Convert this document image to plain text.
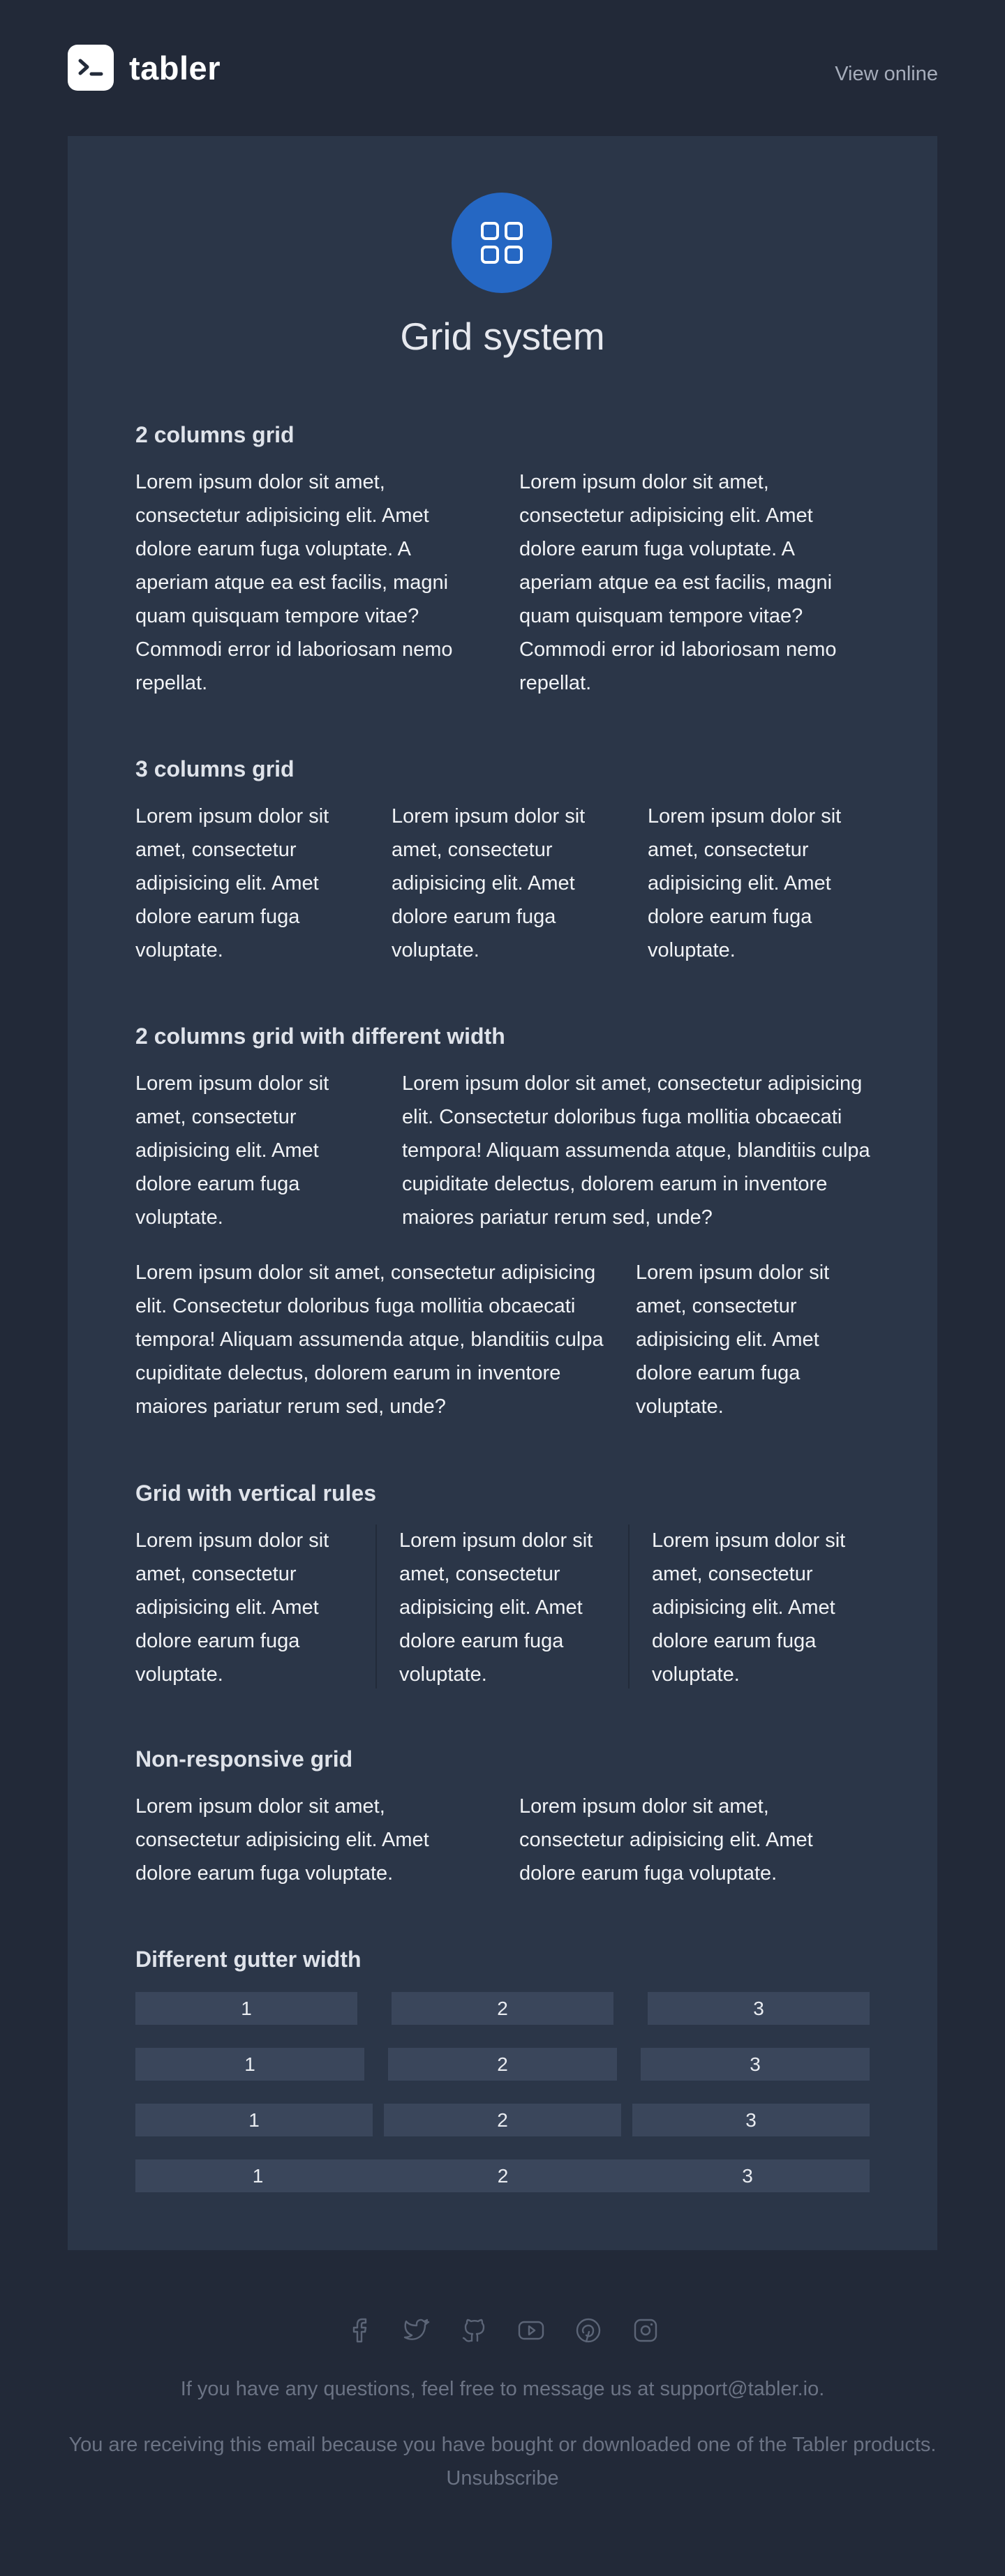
tabler	View online
Grid system
2 columns grid
Lorem ipsum dolor sit amet, consectetur adipisicing elit. Amet dolore earum fuga voluptate. A aperiam atque ea est facilis, magni quam quisquam tempore vitae? Commodi error id laboriosam nemo repellat.
Lorem ipsum dolor sit amet, consectetur adipisicing elit. Amet dolore earum fuga voluptate. A aperiam atque ea est facilis, magni quam quisquam tempore vitae? Commodi error id laboriosam nemo repellat.
3 columns grid
Lorem ipsum dolor sit amet, consectetur adipisicing elit. Amet dolore earum fuga voluptate.
Lorem ipsum dolor sit amet, consectetur adipisicing elit. Amet dolore earum fuga voluptate.
Lorem ipsum dolor sit amet, consectetur adipisicing elit. Amet dolore earum fuga voluptate.
2 columns grid with different width
Lorem ipsum dolor sit amet, consectetur adipisicing elit. Amet dolore earum fuga voluptate.
Lorem ipsum dolor sit amet, consectetur adipisicing elit. Consectetur doloribus fuga mollitia obcaecati tempora! Aliquam assumenda atque, blanditiis culpa cupiditate delectus, dolorem earum in inventore maiores pariatur rerum sed, unde?
Lorem ipsum dolor sit amet, consectetur adipisicing elit. Consectetur doloribus fuga mollitia obcaecati tempora! Aliquam assumenda atque, blanditiis culpa cupiditate delectus, dolorem earum in inventore maiores pariatur rerum sed, unde?
Lorem ipsum dolor sit amet, consectetur adipisicing elit. Amet dolore earum fuga voluptate.
Grid with vertical rules
Lorem ipsum dolor sit amet, consectetur adipisicing elit. Amet dolore earum fuga voluptate.
Lorem ipsum dolor sit amet, consectetur adipisicing elit. Amet dolore earum fuga voluptate.
Lorem ipsum dolor sit amet, consectetur adipisicing elit. Amet dolore earum fuga voluptate.
Non-responsive grid
Lorem ipsum dolor sit amet, consectetur adipisicing elit. Amet dolore earum fuga voluptate.
Lorem ipsum dolor sit amet, consectetur adipisicing elit. Amet dolore earum fuga voluptate.
Different gutter width
1	2	3
1	2	3
1	2	3
1	2	3
If you have any questions, feel free to message us at support@tabler.io.
You are receiving this email because you have bought or downloaded one of the Tabler products.
Unsubscribe
